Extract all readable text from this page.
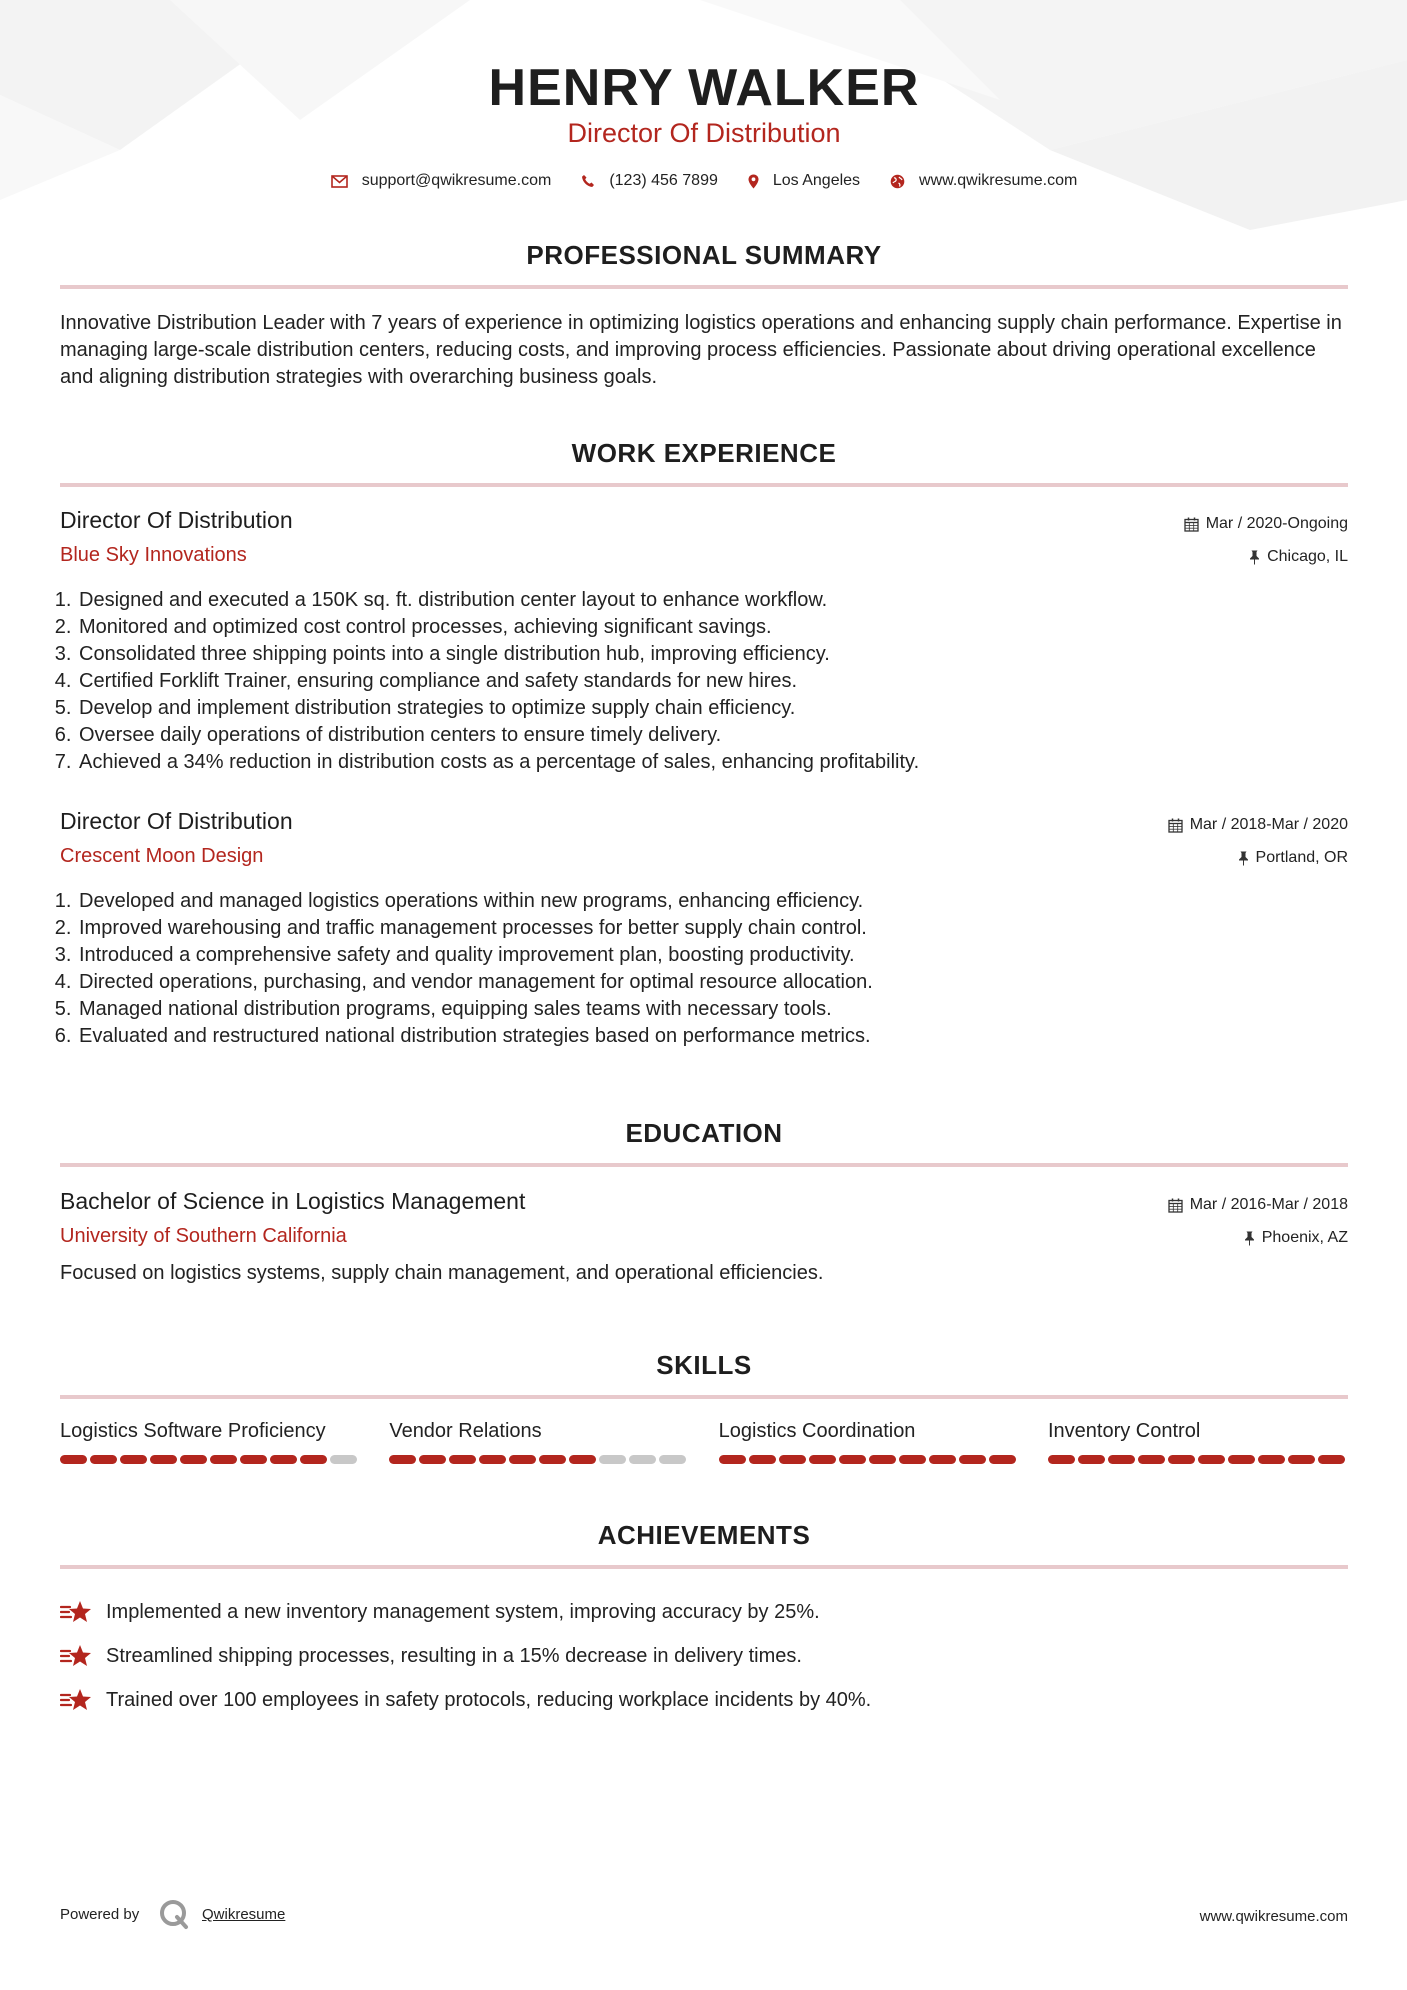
HENRY WALKER
Director Of Distribution
support@qwikresume.com	(123) 456 7899	Los Angeles	www.qwikresume.com
PROFESSIONAL SUMMARY

Innovative Distribution Leader with 7 years of experience in optimizing logistics operations and enhancing supply chain performance. Expertise in managing large-scale distribution centers, reducing costs, and improving process efficiencies. Passionate about driving operational excellence and aligning distribution strategies with overarching business goals.

WORK EXPERIENCE
Director Of Distribution
Blue Sky Innovations
Mar / 2020-Ongoing
Chicago, IL
1. Designed and executed a 150K sq. ft. distribution center layout to enhance workflow.
2. Monitored and optimized cost control processes, achieving significant savings.
3. Consolidated three shipping points into a single distribution hub, improving efficiency.
4. Certified Forklift Trainer, ensuring compliance and safety standards for new hires.
5. Develop and implement distribution strategies to optimize supply chain efficiency.
6. Oversee daily operations of distribution centers to ensure timely delivery.
7. Achieved a 34% reduction in distribution costs as a percentage of sales, enhancing profitability.
Director Of Distribution
Crescent Moon Design
Mar / 2018-Mar / 2020
Portland, OR
1. Developed and managed logistics operations within new programs, enhancing efficiency.
2. Improved warehousing and traffic management processes for better supply chain control.
3. Introduced a comprehensive safety and quality improvement plan, boosting productivity.
4. Directed operations, purchasing, and vendor management for optimal resource allocation.
5. Managed national distribution programs, equipping sales teams with necessary tools.
6. Evaluated and restructured national distribution strategies based on performance metrics.
EDUCATION
Bachelor of Science in Logistics Management
University of Southern California
Mar / 2016-Mar / 2018
Phoenix, AZ
Focused on logistics systems, supply chain management, and operational efficiencies.
SKILLS
Logistics Software Proficiency	Vendor Relations	Logistics Coordination	Inventory Control
ACHIEVEMENTS
Implemented a new inventory management system, improving accuracy by 25%.
Streamlined shipping processes, resulting in a 15% decrease in delivery times.
Trained over 100 employees in safety protocols, reducing workplace incidents by 40%.
Powered by	Qwikresume	www.qwikresume.com
